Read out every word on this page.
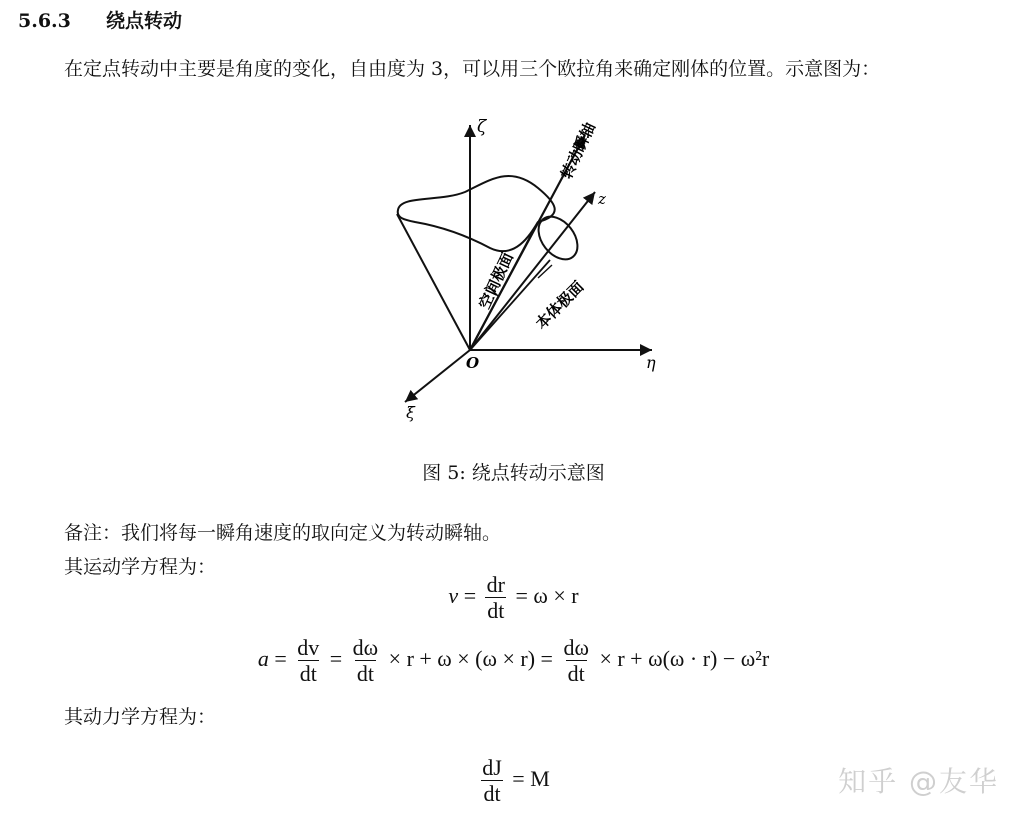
5.6.3 绕点转动
在定点转动中主要是角度的变化，自由度为 3，可以用三个欧拉角来确定刚体的位置。示意图为：
ζ
z
O	η
ξ
转动瞬轴
空间极面 本体极面
图 5: 绕点转动示意图
备注：我们将每一瞬角速度的取向定义为转动瞬轴。
其运动学方程为：
$v = \frac{dr}{dt} = \omega \times r$
$a = \frac{dv}{dt} = \frac{d\omega}{dt} \times r + \omega \times (\omega \times r) = \frac{d\omega}{dt} \times r + \omega(\omega \cdot r) - \omega^2r$
其动力学方程为：
$\frac{dJ}{dt} = M$	知乎 @友华
